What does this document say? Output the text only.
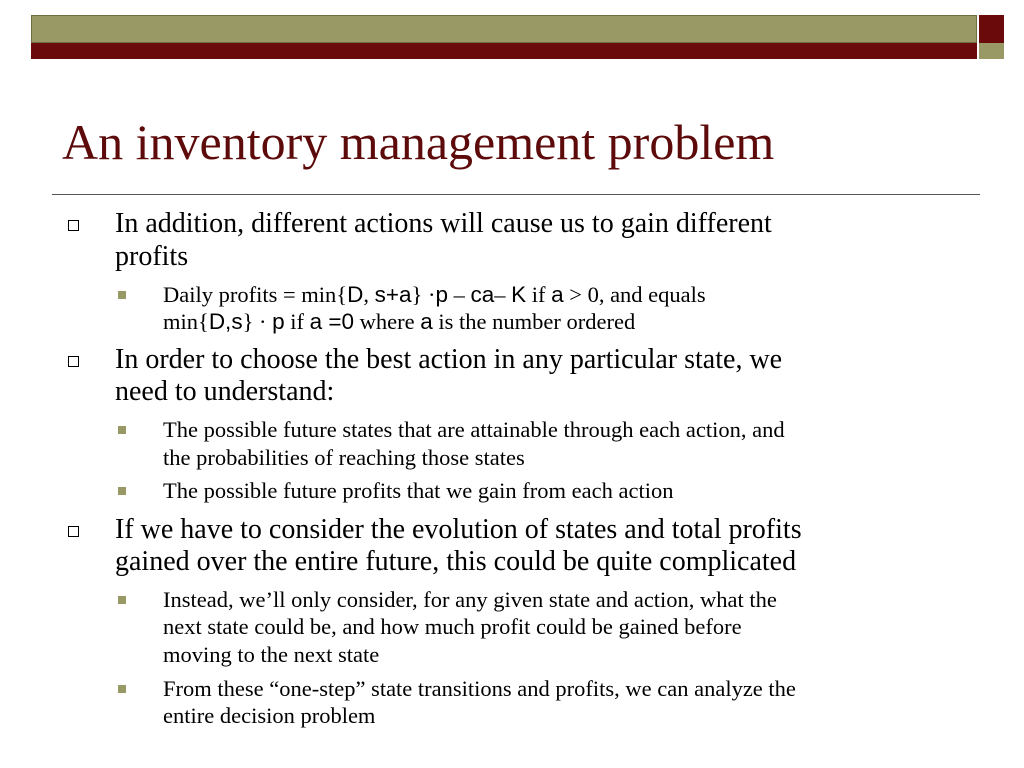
An inventory management problem
In addition, different actions will cause us to gain different
profits
Daily profits = min{D, s+a} ·p – ca– K if a > 0, and equals
min{D,s} · p if a =0 where a is the number ordered
In order to choose the best action in any particular state, we
need to understand:
The possible future states that are attainable through each action, and
the probabilities of reaching those states
The possible future profits that we gain from each action
If we have to consider the evolution of states and total profits
gained over the entire future, this could be quite complicated
Instead, we’ll only consider, for any given state and action, what the
next state could be, and how much profit could be gained before
moving to the next state
From these “one-step” state transitions and profits, we can analyze the
entire decision problem
